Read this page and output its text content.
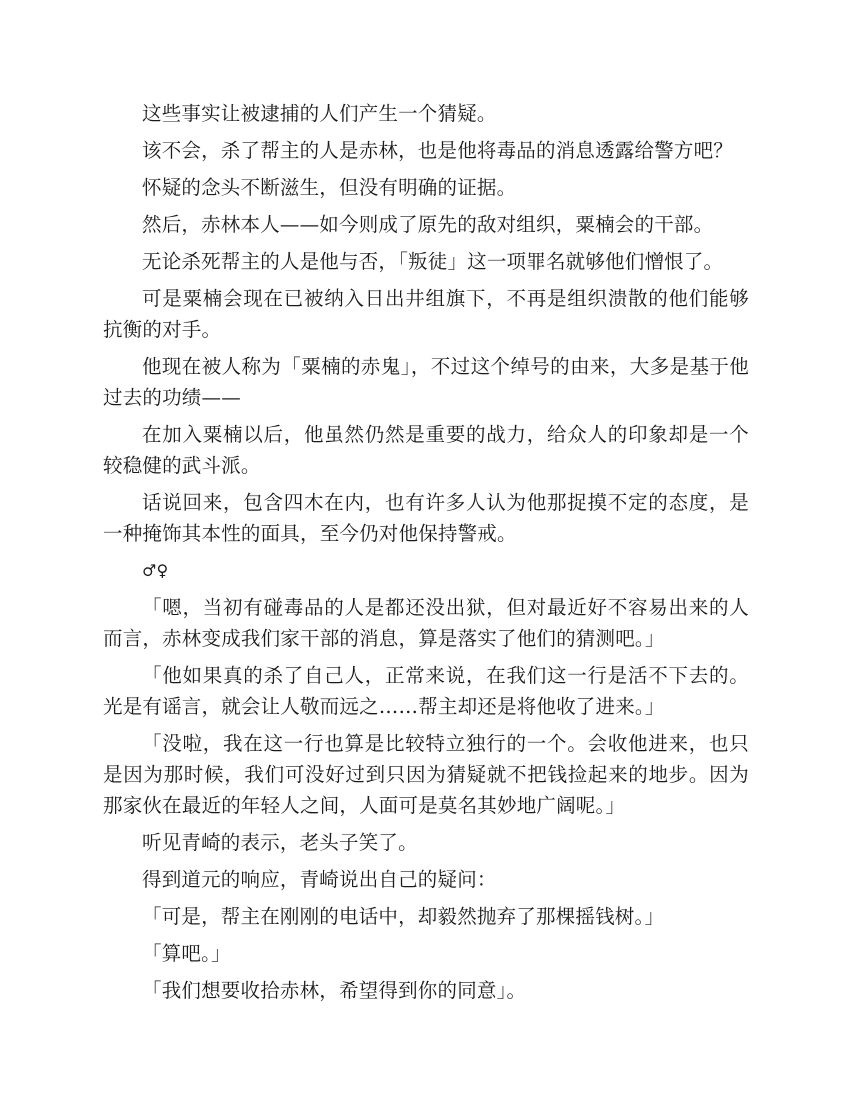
这些事实让被逮捕的人们产生一个猜疑。

该不会，杀了帮主的人是赤林，也是他将毒品的消息透露给警方吧？

怀疑的念头不断滋生，但没有明确的证据。

然后，赤林本人——如今则成了原先的敌对组织，粟楠会的干部。

无论杀死帮主的人是他与否，「叛徒」这一项罪名就够他们憎恨了。

可是粟楠会现在已被纳入日出井组旗下，不再是组织溃散的他们能够抗衡的对手。

他现在被人称为「粟楠的赤鬼」，不过这个绰号的由来，大多是基于他过去的功绩——

在加入粟楠以后，他虽然仍然是重要的战力，给众人的印象却是一个较稳健的武斗派。

话说回来，包含四木在内，也有许多人认为他那捉摸不定的态度，是一种掩饰其本性的面具，至今仍对他保持警戒。

♂♀

「嗯，当初有碰毒品的人是都还没出狱，但对最近好不容易出来的人而言，赤林变成我们家干部的消息，算是落实了他们的猜测吧。」

「他如果真的杀了自己人，正常来说，在我们这一行是活不下去的。光是有谣言，就会让人敬而远之……帮主却还是将他收了进来。」

「没啦，我在这一行也算是比较特立独行的一个。会收他进来，也只是因为那时候，我们可没好过到只因为猜疑就不把钱捡起来的地步。因为那家伙在最近的年轻人之间，人面可是莫名其妙地广阔呢。」

听见青崎的表示，老头子笑了。

得到道元的响应，青崎说出自己的疑问：

「可是，帮主在刚刚的电话中，却毅然抛弃了那棵摇钱树。」

「算吧。」

「我们想要收拾赤林，希望得到你的同意」。
